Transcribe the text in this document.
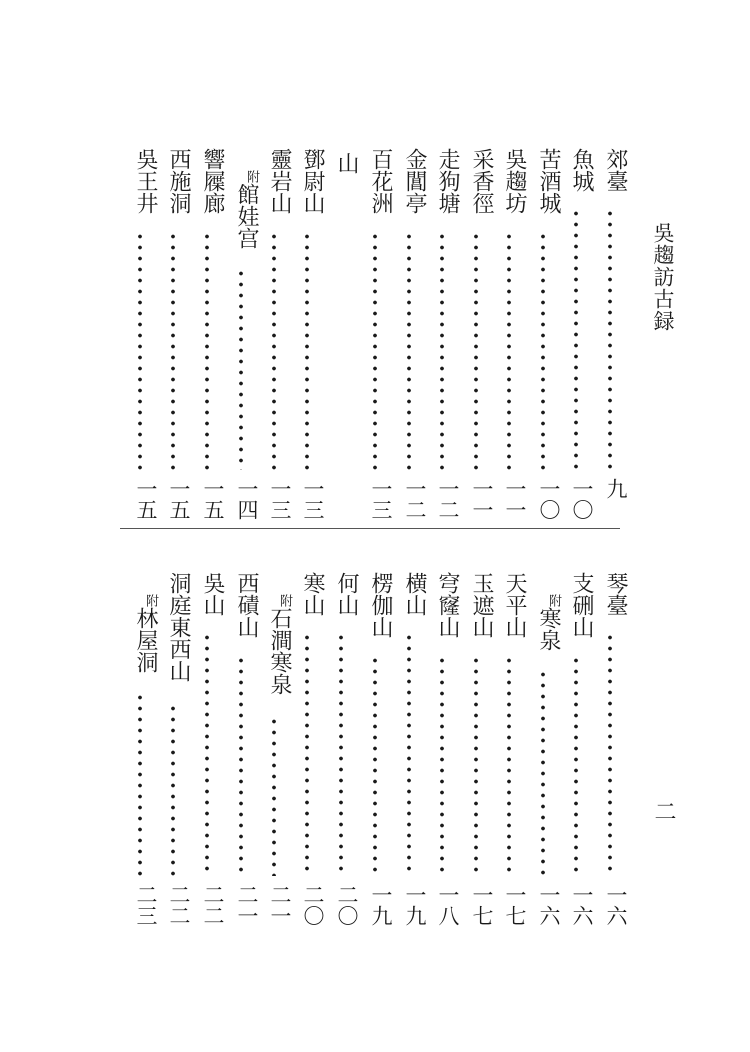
吳趨訪古録
二
郊臺
九
魚城
一〇
苦酒城
一〇
吳趨坊
一一
采香徑
一一
走狗塘
一二
金閶亭
一二
百花洲
一三
山
鄧尉山
一三
靈岩山
一三
附
館娃宫
一四
響屧廊
一五
西施洞
一五
吳王井
一五
琴臺
一六
支硎山
一六
附
寒泉
一六
天平山
一七
玉遮山
一七
穹窿山
一八
横山
一九
楞伽山
一九
何山
二〇
寒山
二〇
附
石澗寒泉
二一
西磧山
二一
吳山
二二
洞庭東西山
二二
附
林屋洞
二三
